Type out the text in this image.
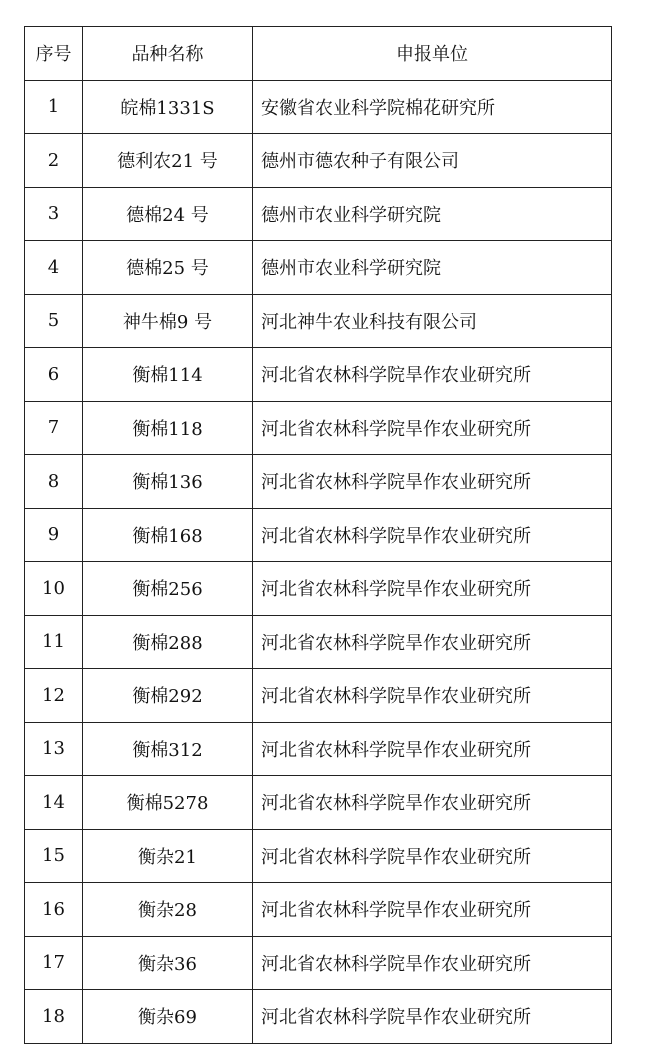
序号	品种名称	申报单位
1	皖棉1331S	安徽省农业科学院棉花研究所
2	德利农21 号	德州市德农种子有限公司
3	德棉24 号	德州市农业科学研究院
4	德棉25 号	德州市农业科学研究院
5	神牛棉9 号	河北神牛农业科技有限公司
6	衡棉114	河北省农林科学院旱作农业研究所
7	衡棉118	河北省农林科学院旱作农业研究所
8	衡棉136	河北省农林科学院旱作农业研究所
9	衡棉168	河北省农林科学院旱作农业研究所
10	衡棉256	河北省农林科学院旱作农业研究所
11	衡棉288	河北省农林科学院旱作农业研究所
12	衡棉292	河北省农林科学院旱作农业研究所
13	衡棉312	河北省农林科学院旱作农业研究所
14	衡棉5278	河北省农林科学院旱作农业研究所
15	衡杂21	河北省农林科学院旱作农业研究所
16	衡杂28	河北省农林科学院旱作农业研究所
17	衡杂36	河北省农林科学院旱作农业研究所
18	衡杂69	河北省农林科学院旱作农业研究所
